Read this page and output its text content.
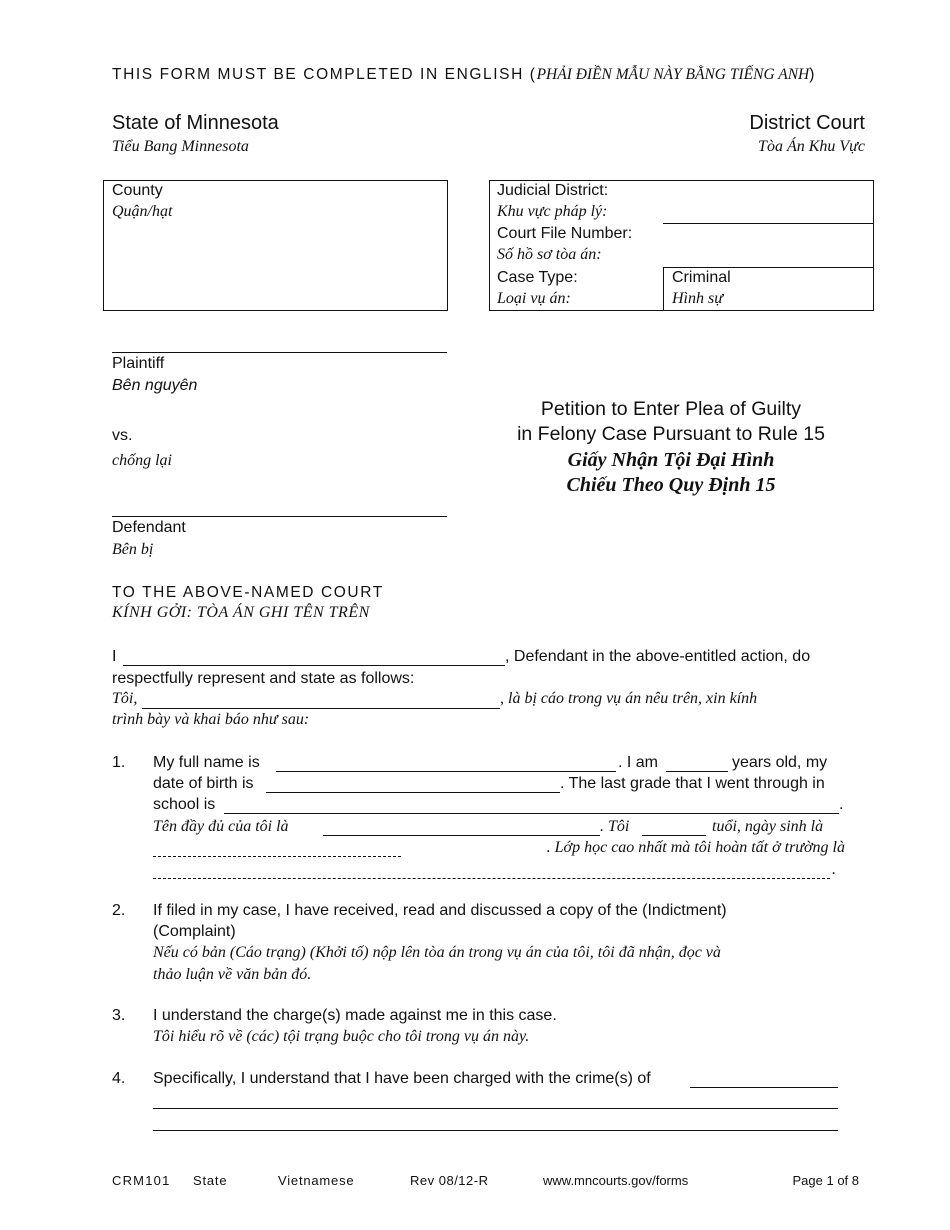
THIS FORM MUST BE COMPLETED IN ENGLISH (PHẢI ĐIỀN MẪU NÀY BẰNG TIẾNG ANH)
State of Minnesota
Tiểu Bang Minnesota
District Court
Tòa Án Khu Vực
County
Quận/hạt
Judicial District:
Khu vực pháp lý:
Court File Number:
Số hồ sơ tòa án:
Case Type:
Loại vụ án:
Criminal
Hình sự
Plaintiff
Bên nguyên
vs.
chống lại
Defendant
Bên bị
Petition to Enter Plea of Guilty
in Felony Case Pursuant to Rule 15
Giấy Nhận Tội Đại Hình
Chiếu Theo Quy Định 15
TO THE ABOVE-NAMED COURT
KÍNH GỞI: TÒA ÁN GHI TÊN TRÊN
I	, Defendant in the above-entitled action, do
respectfully represent and state as follows:
Tôi,	, là bị cáo trong vụ án nêu trên, xin kính
trình bày và khai báo như sau:
1. My full name is	. I am	years old, my
date of birth is	. The last grade that I went through in
school is	.
Tên đầy đủ của tôi là	. Tôi	tuổi, ngày sinh là
. Lớp học cao nhất mà tôi hoàn tất ở trường là
.
2. If filed in my case, I have received, read and discussed a copy of the (Indictment)
(Complaint)
Nếu có bản (Cáo trạng) (Khởi tố) nộp lên tòa án trong vụ án của tôi, tôi đã nhận, đọc và
thảo luận về văn bản đó.
3. I understand the charge(s) made against me in this case.
Tôi hiểu rõ về (các) tội trạng buộc cho tôi trong vụ án này.
4. Specifically, I understand that I have been charged with the crime(s) of
CRM101 State	Vietnamese	Rev 08/12-R	www.mncourts.gov/forms	Page 1 of 8
